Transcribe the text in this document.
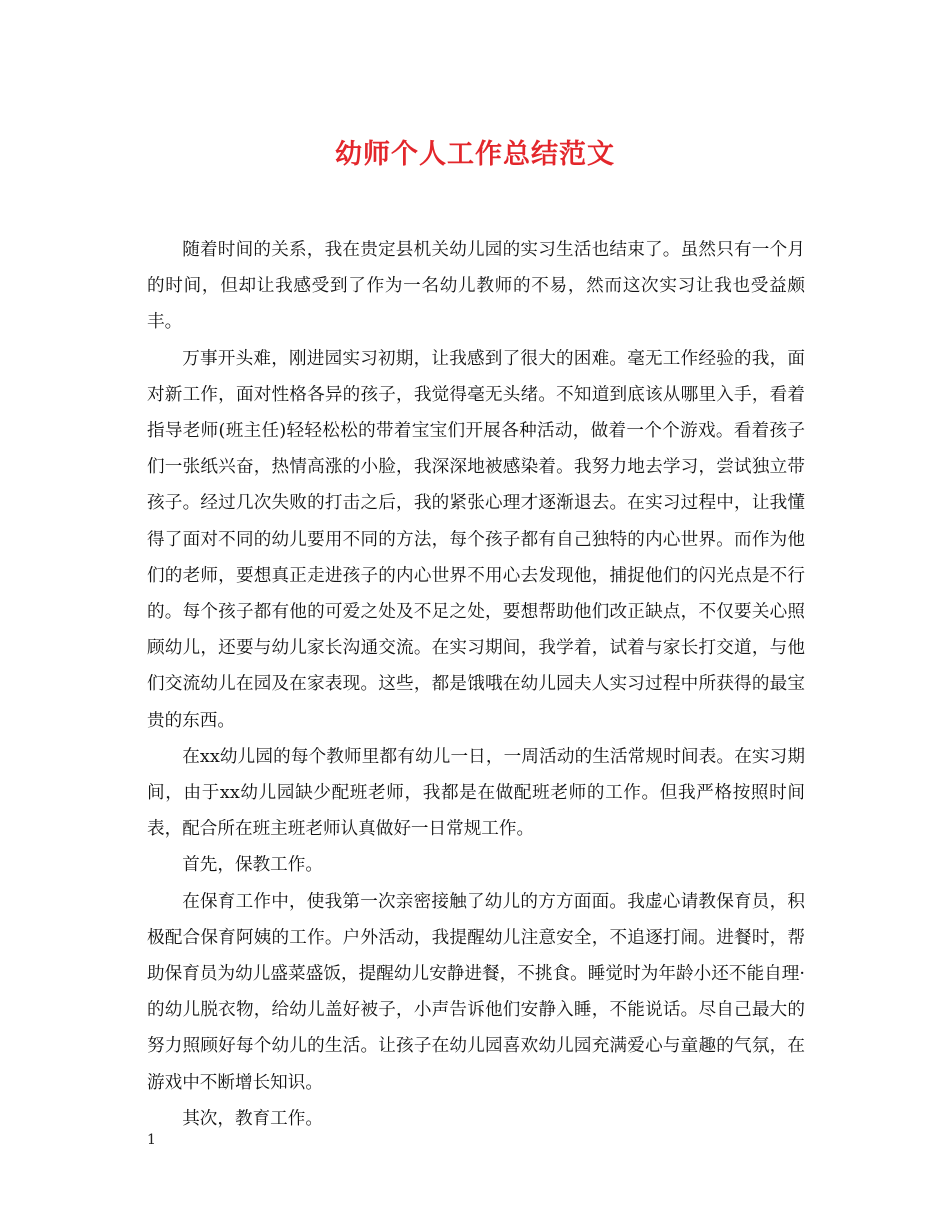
幼师个人工作总结范文

随着时间的关系，我在贵定县机关幼儿园的实习生活也结束了。虽然只有一个月的时间，但却让我感受到了作为一名幼儿教师的不易，然而这次实习让我也受益颇丰。

万事开头难，刚进园实习初期，让我感到了很大的困难。毫无工作经验的我，面对新工作，面对性格各异的孩子，我觉得毫无头绪。不知道到底该从哪里入手，看着指导老师(班主任)轻轻松松的带着宝宝们开展各种活动，做着一个个游戏。看着孩子们一张纸兴奋，热情高涨的小脸，我深深地被感染着。我努力地去学习，尝试独立带孩子。经过几次失败的打击之后，我的紧张心理才逐渐退去。在实习过程中，让我懂得了面对不同的幼儿要用不同的方法，每个孩子都有自己独特的内心世界。而作为他们的老师，要想真正走进孩子的内心世界不用心去发现他，捕捉他们的闪光点是不行的。每个孩子都有他的可爱之处及不足之处，要想帮助他们改正缺点，不仅要关心照顾幼儿，还要与幼儿家长沟通交流。在实习期间，我学着，试着与家长打交道，与他们交流幼儿在园及在家表现。这些，都是饿哦在幼儿园夫人实习过程中所获得的最宝贵的东西。

在xx幼儿园的每个教师里都有幼儿一日，一周活动的生活常规时间表。在实习期间，由于xx幼儿园缺少配班老师，我都是在做配班老师的工作。但我严格按照时间表，配合所在班主班老师认真做好一日常规工作。

首先，保教工作。

在保育工作中，使我第一次亲密接触了幼儿的方方面面。我虚心请教保育员，积极配合保育阿姨的工作。户外活动，我提醒幼儿注意安全，不追逐打闹。进餐时，帮助保育员为幼儿盛菜盛饭，提醒幼儿安静进餐，不挑食。睡觉时为年龄小还不能自理·的幼儿脱衣物，给幼儿盖好被子，小声告诉他们安静入睡，不能说话。尽自己最大的努力照顾好每个幼儿的生活。让孩子在幼儿园喜欢幼儿园充满爱心与童趣的气氛，在游戏中不断增长知识。

其次，教育工作。

1
